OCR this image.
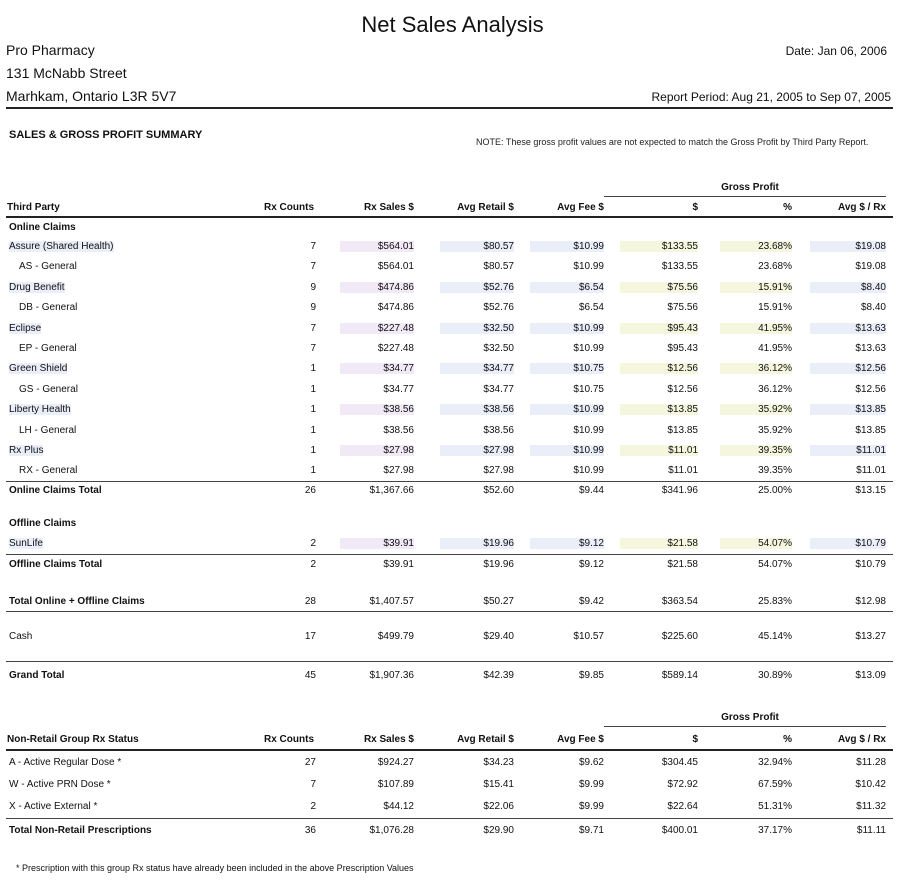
Net Sales Analysis
Pro Pharmacy
131 McNabb Street
Marhkam, Ontario L3R 5V7
Date: Jan 06, 2006
Report Period: Aug 21, 2005 to Sep 07, 2005
SALES & GROSS PROFIT SUMMARY
NOTE: These gross profit values are not expected to match the Gross Profit by Third Party Report.
Gross Profit
Third Party	Rx Counts	Rx Sales $	Avg Retail $	Avg Fee $	$	%	Avg $ / Rx
Online Claims
Assure (Shared Health)	7	$564.01	$80.57	$10.99	$133.55	23.68%	$19.08
AS - General	7	$564.01	$80.57	$10.99	$133.55	23.68%	$19.08
Drug Benefit	9	$474.86	$52.76	$6.54	$75.56	15.91%	$8.40
DB - General	9	$474.86	$52.76	$6.54	$75.56	15.91%	$8.40
Eclipse	7	$227.48	$32.50	$10.99	$95.43	41.95%	$13.63
EP - General	7	$227.48	$32.50	$10.99	$95.43	41.95%	$13.63
Green Shield	1	$34.77	$34.77	$10.75	$12.56	36.12%	$12.56
GS - General	1	$34.77	$34.77	$10.75	$12.56	36.12%	$12.56
Liberty Health	1	$38.56	$38.56	$10.99	$13.85	35.92%	$13.85
LH - General	1	$38.56	$38.56	$10.99	$13.85	35.92%	$13.85
Rx Plus	1	$27.98	$27.98	$10.99	$11.01	39.35%	$11.01
RX - General	1	$27.98	$27.98	$10.99	$11.01	39.35%	$11.01
Online Claims Total	26	$1,367.66	$52.60	$9.44	$341.96	25.00%	$13.15
Offline Claims
SunLife	2	$39.91	$19.96	$9.12	$21.58	54.07%	$10.79
Offline Claims Total	2	$39.91	$19.96	$9.12	$21.58	54.07%	$10.79
Total Online + Offline Claims	28	$1,407.57	$50.27	$9.42	$363.54	25.83%	$12.98
Cash	17	$499.79	$29.40	$10.57	$225.60	45.14%	$13.27
Grand Total	45	$1,907.36	$42.39	$9.85	$589.14	30.89%	$13.09
Gross Profit
Non-Retail Group Rx Status	Rx Counts	Rx Sales $	Avg Retail $	Avg Fee $	$	%	Avg $ / Rx
A - Active Regular Dose *	27	$924.27	$34.23	$9.62	$304.45	32.94%	$11.28
W - Active PRN Dose *	7	$107.89	$15.41	$9.99	$72.92	67.59%	$10.42
X - Active External *	2	$44.12	$22.06	$9.99	$22.64	51.31%	$11.32
Total Non-Retail Prescriptions	36	$1,076.28	$29.90	$9.71	$400.01	37.17%	$11.11
* Prescription with this group Rx status have already been included in the above Prescription Values
